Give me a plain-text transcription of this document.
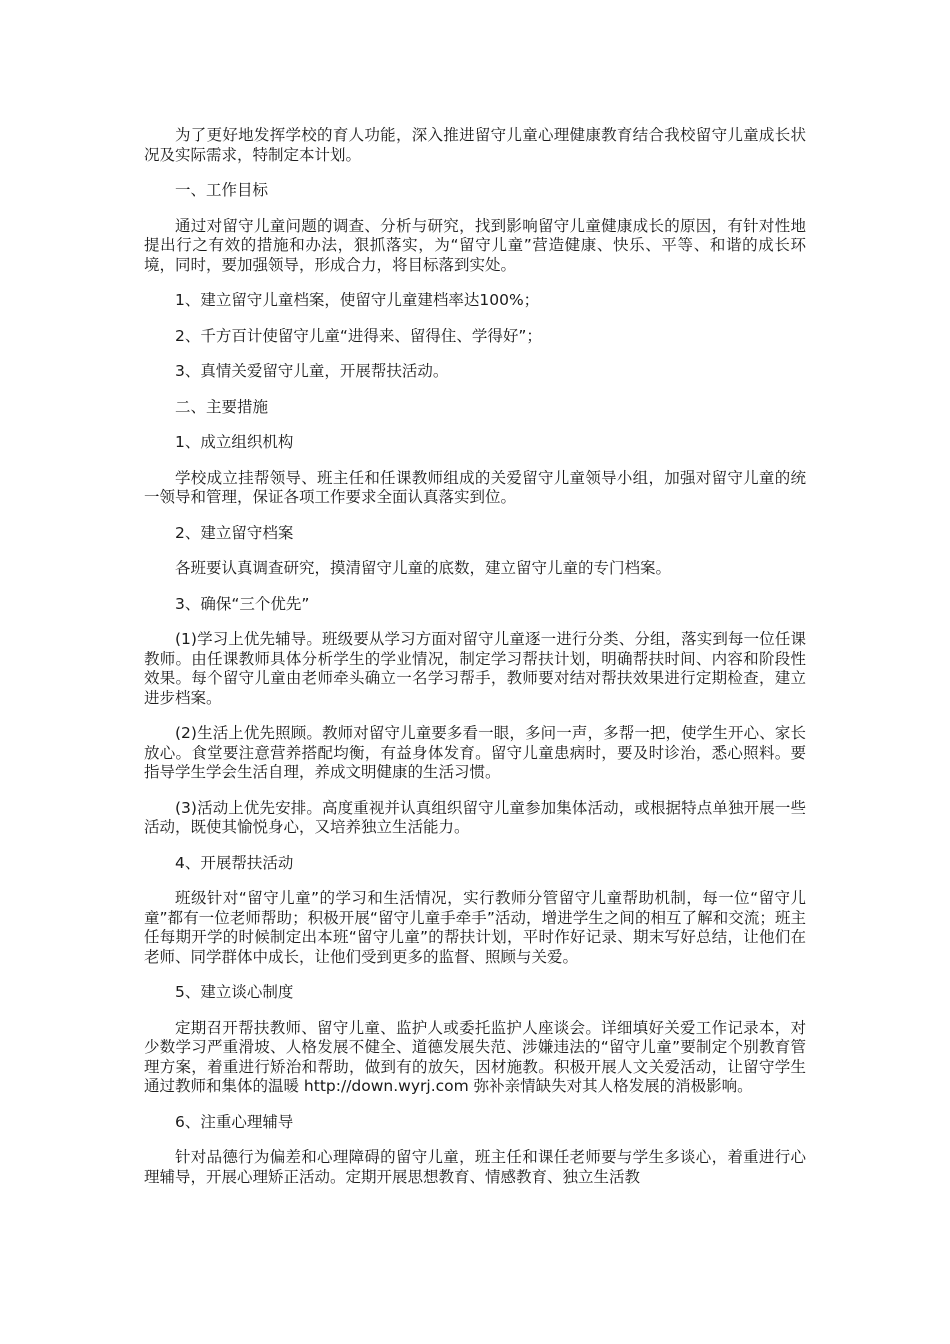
为了更好地发挥学校的育人功能，深入推进留守儿童心理健康教育结合我校留守儿童成长状况及实际需求，特制定本计划。

一、工作目标

通过对留守儿童问题的调查、分析与研究，找到影响留守儿童健康成长的原因，有针对性地提出行之有效的措施和办法，狠抓落实，为“留守儿童”营造健康、快乐、平等、和谐的成长环境，同时，要加强领导，形成合力，将目标落到实处。

1、建立留守儿童档案，使留守儿童建档率达100%；

2、千方百计使留守儿童“进得来、留得住、学得好”；

3、真情关爱留守儿童，开展帮扶活动。

二、主要措施

1、成立组织机构

学校成立挂帮领导、班主任和任课教师组成的关爱留守儿童领导小组，加强对留守儿童的统一领导和管理，保证各项工作要求全面认真落实到位。

2、建立留守档案

各班要认真调查研究，摸清留守儿童的底数，建立留守儿童的专门档案。

3、确保“三个优先”

(1)学习上优先辅导。班级要从学习方面对留守儿童逐一进行分类、分组，落实到每一位任课教师。由任课教师具体分析学生的学业情况，制定学习帮扶计划，明确帮扶时间、内容和阶段性效果。每个留守儿童由老师牵头确立一名学习帮手，教师要对结对帮扶效果进行定期检查，建立进步档案。

(2)生活上优先照顾。教师对留守儿童要多看一眼，多问一声，多帮一把，使学生开心、家长放心。食堂要注意营养搭配均衡，有益身体发育。留守儿童患病时，要及时诊治，悉心照料。要指导学生学会生活自理，养成文明健康的生活习惯。

(3)活动上优先安排。高度重视并认真组织留守儿童参加集体活动，或根据特点单独开展一些活动，既使其愉悦身心，又培养独立生活能力。

4、开展帮扶活动

班级针对“留守儿童”的学习和生活情况，实行教师分管留守儿童帮助机制，每一位“留守儿童”都有一位老师帮助；积极开展“留守儿童手牵手”活动，增进学生之间的相互了解和交流；班主任每期开学的时候制定出本班“留守儿童”的帮扶计划，平时作好记录、期末写好总结，让他们在老师、同学群体中成长，让他们受到更多的监督、照顾与关爱。

5、建立谈心制度

定期召开帮扶教师、留守儿童、监护人或委托监护人座谈会。详细填好关爱工作记录本，对少数学习严重滑坡、人格发展不健全、道德发展失范、涉嫌违法的“留守儿童”要制定个别教育管理方案，着重进行矫治和帮助，做到有的放矢，因材施教。积极开展人文关爱活动，让留守学生通过教师和集体的温暖 http://down.wyrj.com 弥补亲情缺失对其人格发展的消极影响。

6、注重心理辅导

针对品德行为偏差和心理障碍的留守儿童，班主任和课任老师要与学生多谈心，着重进行心理辅导，开展心理矫正活动。定期开展思想教育、情感教育、独立生活教
